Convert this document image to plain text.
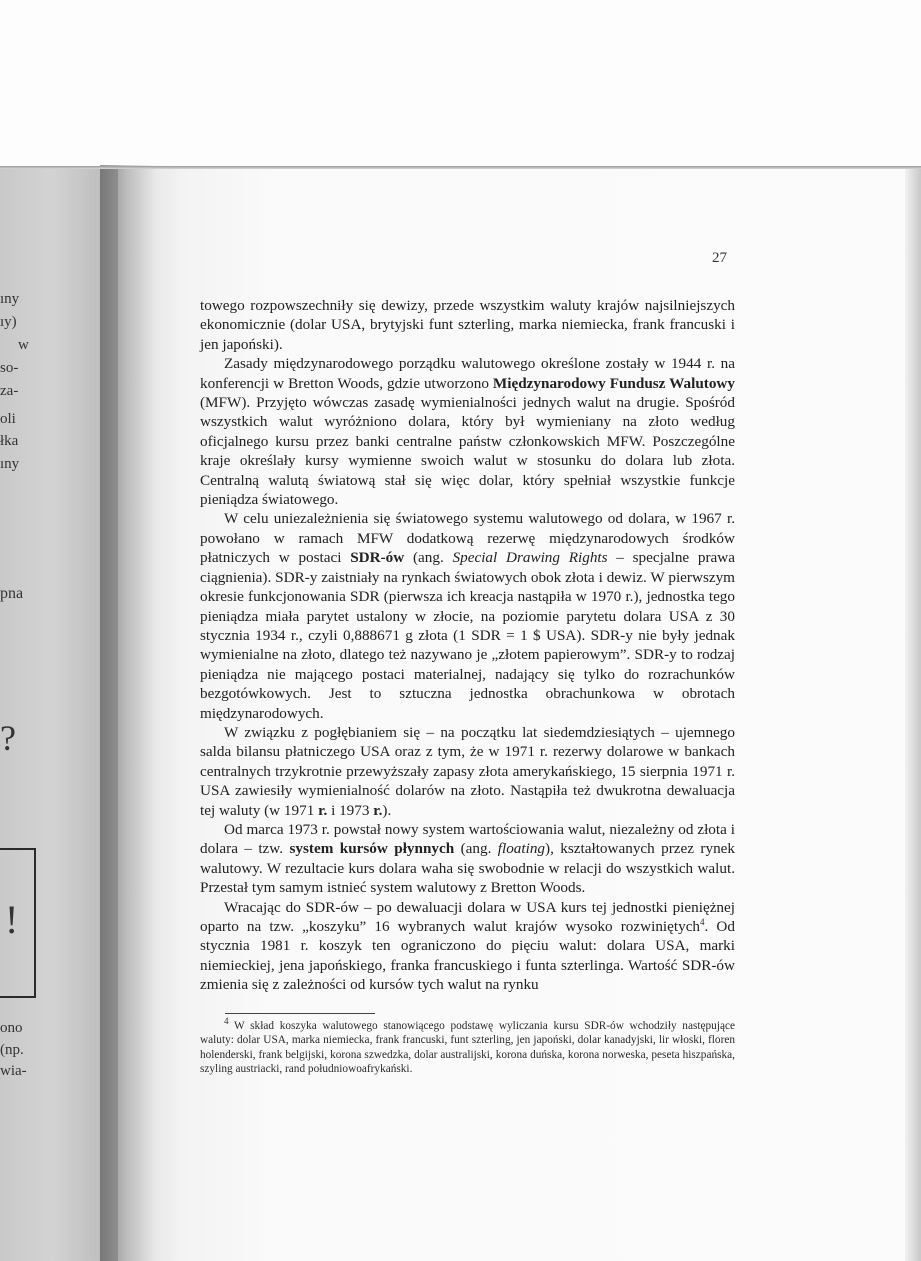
ıny
ıy)
w
so-
za-
oli
łka
ıny
pna
?
!
ono
(np.
wia-
27

towego rozpowszechniły się dewizy, przede wszystkim waluty krajów najsilniejszych ekonomicznie (dolar USA, brytyjski funt szterling, marka niemiecka, frank francuski i jen japoński).

Zasady międzynarodowego porządku walutowego określone zostały w 1944 r. na konferencji w Bretton Woods, gdzie utworzono Międzynarodowy Fundusz Walutowy (MFW). Przyjęto wówczas zasadę wymienialności jednych walut na drugie. Spośród wszystkich walut wyróżniono dolara, który był wymieniany na złoto według oficjalnego kursu przez banki centralne państw członkowskich MFW. Poszczególne kraje określały kursy wymienne swoich walut w stosunku do dolara lub złota. Centralną walutą światową stał się więc dolar, który spełniał wszystkie funkcje pieniądza światowego.

W celu uniezależnienia się światowego systemu walutowego od dolara, w 1967 r. powołano w ramach MFW dodatkową rezerwę międzynarodowych środków płatniczych w postaci SDR-ów (ang. Special Drawing Rights – specjalne prawa ciągnienia). SDR-y zaistniały na rynkach światowych obok złota i dewiz. W pierwszym okresie funkcjonowania SDR (pierwsza ich kreacja nastąpiła w 1970 r.), jednostka tego pieniądza miała parytet ustalony w złocie, na poziomie parytetu dolara USA z 30 stycznia 1934 r., czyli 0,888671 g złota (1 SDR = 1 $ USA). SDR-y nie były jednak wymienialne na złoto, dlatego też nazywano je „złotem papierowym”. SDR-y to rodzaj pieniądza nie mającego postaci materialnej, nadający się tylko do rozrachunków bezgotówkowych. Jest to sztuczna jednostka obrachunkowa w obrotach międzynarodowych.

W związku z pogłębianiem się – na początku lat siedemdziesiątych – ujemnego salda bilansu płatniczego USA oraz z tym, że w 1971 r. rezerwy dolarowe w bankach centralnych trzykrotnie przewyższały zapasy złota amerykańskiego, 15 sierpnia 1971 r. USA zawiesiły wymienialność dolarów na złoto. Nastąpiła też dwukrotna dewaluacja tej waluty (w 1971 r. i 1973 r.).

Od marca 1973 r. powstał nowy system wartościowania walut, niezależny od złota i dolara – tzw. system kursów płynnych (ang. floating), kształtowanych przez rynek walutowy. W rezultacie kurs dolara waha się swobodnie w relacji do wszystkich walut. Przestał tym samym istnieć system walutowy z Bretton Woods.

Wracając do SDR-ów – po dewaluacji dolara w USA kurs tej jednostki pieniężnej oparto na tzw. „koszyku” 16 wybranych walut krajów wysoko rozwiniętych$^4$. Od stycznia 1981 r. koszyk ten ograniczono do pięciu walut: dolara USA, marki niemieckiej, jena japońskiego, franka francuskiego i funta szterlinga. Wartość SDR-ów zmienia się z zależności od kursów tych walut na rynku

$^4$ W skład koszyka walutowego stanowiącego podstawę wyliczania kursu SDR-ów wchodziły następujące waluty: dolar USA, marka niemiecka, frank francuski, funt szterling, jen japoński, dolar kanadyjski, lir włoski, floren holenderski, frank belgijski, korona szwedzka, dolar australijski, korona duńska, korona norweska, peseta hiszpańska, szyling austriacki, rand południowoafrykański.
